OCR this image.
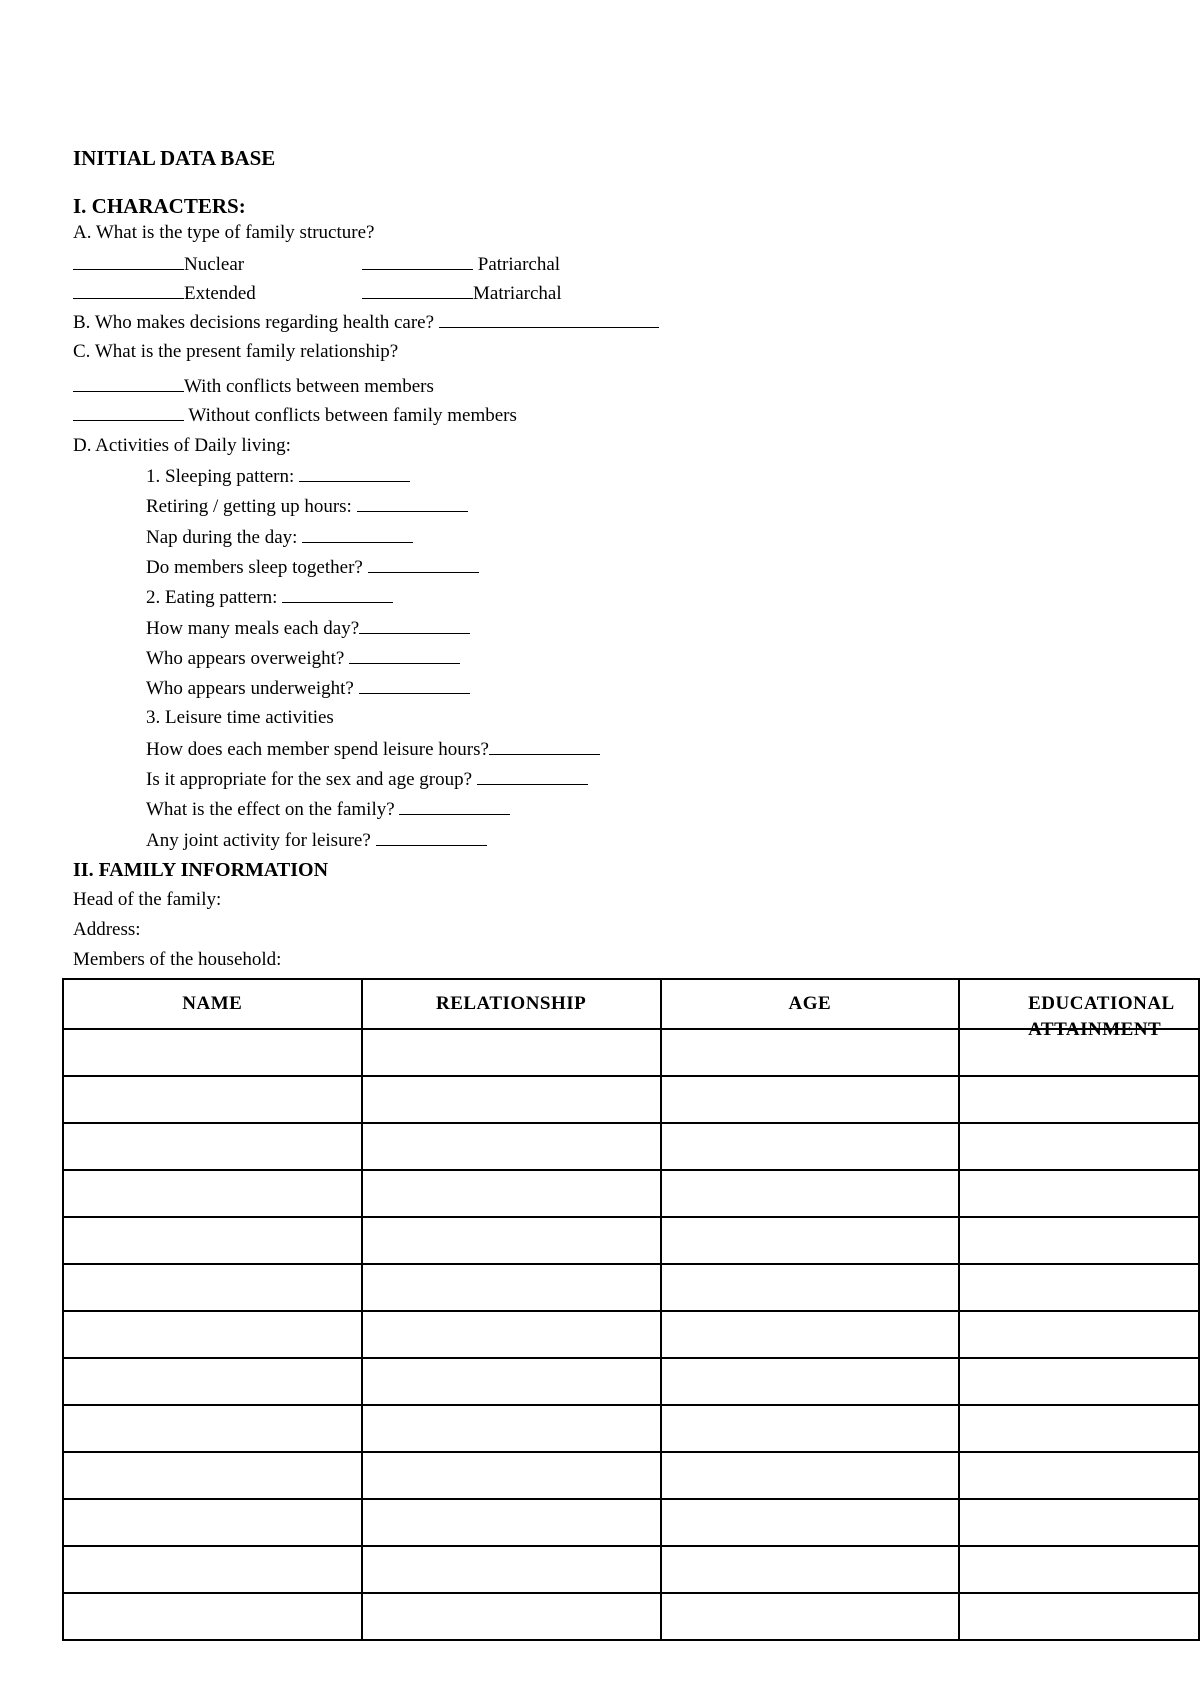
INITIAL DATA BASE
I. CHARACTERS:
A. What is the type of family structure?
Nuclear	Patriarchal
Extended	Matriarchal
B. Who makes decisions regarding health care?
C. What is the present family relationship?
With conflicts between members
Without conflicts between family members
D. Activities of Daily living:
1. Sleeping pattern:
Retiring / getting up hours:
Nap during the day:
Do members sleep together?
2. Eating pattern:
How many meals each day?
Who appears overweight?
Who appears underweight?
3. Leisure time activities
How does each member spend leisure hours?
Is it appropriate for the sex and age group?
What is the effect on the family?
Any joint activity for leisure?
II. FAMILY INFORMATION
Head of the family:
Address:
Members of the household:
NAME	RELATIONSHIP	AGE	EDUCATIONAL ATTAINMENT
